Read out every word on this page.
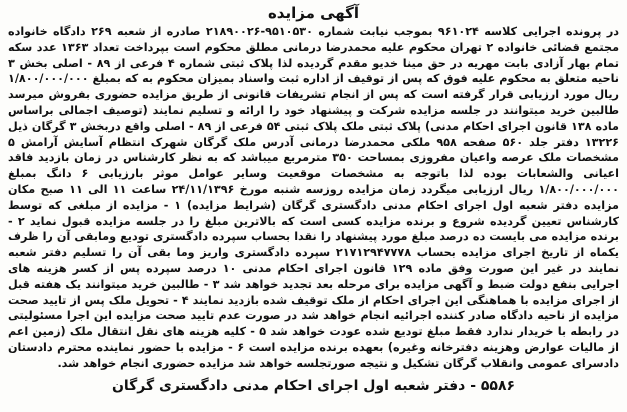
آگهی مزایده

در پرونده اجرایی کلاسه ۹۶۱۰۲۴ بموجب نیابت شماره ۹۵۱۰۵۳۰-۲۱۸۹۰۰۲۶ صادره از شعبه ۲۶۹ دادگاه خانواده مجتمع قضائی خانواده ۲ تهران محکوم علیه محمدرضا درمانی مطلق محکوم است بپرداخت تعداد ۱۳۶۳ عدد سکه تمام بهار آزادی بابت مهریه در حق مینا خدیو مقدم گردیده لذا پلاک ثبتی شماره ۴ فرعی از ۸۹ - اصلی بخش ۳ ناحیه متعلق به محکوم علیه فوق که پس از توقیف از اداره ثبت واسناد بمیزان محکوم به که بمبلغ ۱/۸۰۰/۰۰۰/۰۰۰ ریال مورد ارزیابی قرار گرفته است که پس از انجام تشریفات قانونی از طریق مزایده حضوری بفروش میرسد طالبین خرید میتوانند در جلسه مزایده شرکت و پیشنهاد خود را ارائه و تسلیم نمایند (توصیف اجمالی براساس ماده ۱۳۸ قانون اجرای احکام مدنی) پلاک ثبتی ملک پلاک ثبتی ۵۴ فرعی از ۸۹ - اصلی واقع دربخش ۳ گرگان ذیل ۱۳۲۲۶ دفتر جلد ۵۶۰ صفحه ۹۵۸ ملکی محمدرضا درمانی آدرس ملک گرگان شهرک انتظام آسایش آرامش ۵ مشخصات ملک عرصه واعیان مفروزی بمساحت ۳۵۰ مترمربع میباشد که به نظر کارشناس در زمان بازدید فاقد اعیانی والشعابات بوده لذا باتوجه به مشخصات موقعیت وسایر عوامل موثر بارزیابی ۶ دانگ بمبلغ ۱/۸۰۰/۰۰۰/۰۰۰ ریال ارزیابی میگردد زمان مزایده روزسه شنبه مورخ ۲۴/۱۱/۱۳۹۶ ساعت ۱۱ الی ۱۱ صبح مکان مزایده دفتر شعبه اول اجرای احکام مدنی دادگستری گرگان (شرایط مزایده) ۱ - مزایده از مبلغی که توسط کارشناس تعیین گردیده شروع و برنده مزایده کسی است که بالاترین مبلغ را در جلسه مزایده قبول نماید ۲ - برنده مزایده می بایست ده درصد مبلغ مورد پیشنهاد را نقدا بحساب سپرده دادگستری تودیع ومابقی آن را ظرف یکماه از تاریخ اجرای مزایده بحساب ۲۱۷۱۲۹۴۷۷۷۸ سپرده دادگستری واریز وما بقی آن را تسلیم دفتر شعبه نمایند در غیر این صورت وفق ماده ۱۲۹ قانون اجرای احکام مدنی ۱۰ درصد سپرده پس از کسر هزینه های اجرایی بنفع دولت ضبط و آگهی مزایده برای مرحله بعد تجدید خواهد شد ۳ - طالبین خرید میتوانند یک هفته قبل از اجرای مزایده با هماهنگی این اجرای احکام از ملک توقیف شده بازدید نمایند ۴ - تحویل ملک پس از تایید صحت مزایده از ناحیه دادگاه صادر کننده اجرائیه انجام خواهد شد در صورت عدم تایید صحت مزایده این اجرا مسئولیتی در رابطه با خریدار ندارد فقط مبلغ تودیع شده عودت خواهد شد ۵ - کلیه هزینه های نقل انتقال ملک (زمین اعم از مالیات عوارض وهزینه دفترخانه وغیره) بعهده برنده مزایده است ۶ - مزایده با حضور نماینده محترم دادستان دادسرای عمومی وانقلاب گرگان تشکیل و نتیجه صورتجلسه خواهد شد مزایده حضوری انجام خواهد شد.

۵۵۸۶ - دفتر شعبه اول اجرای احکام مدنی دادگستری گرگان
